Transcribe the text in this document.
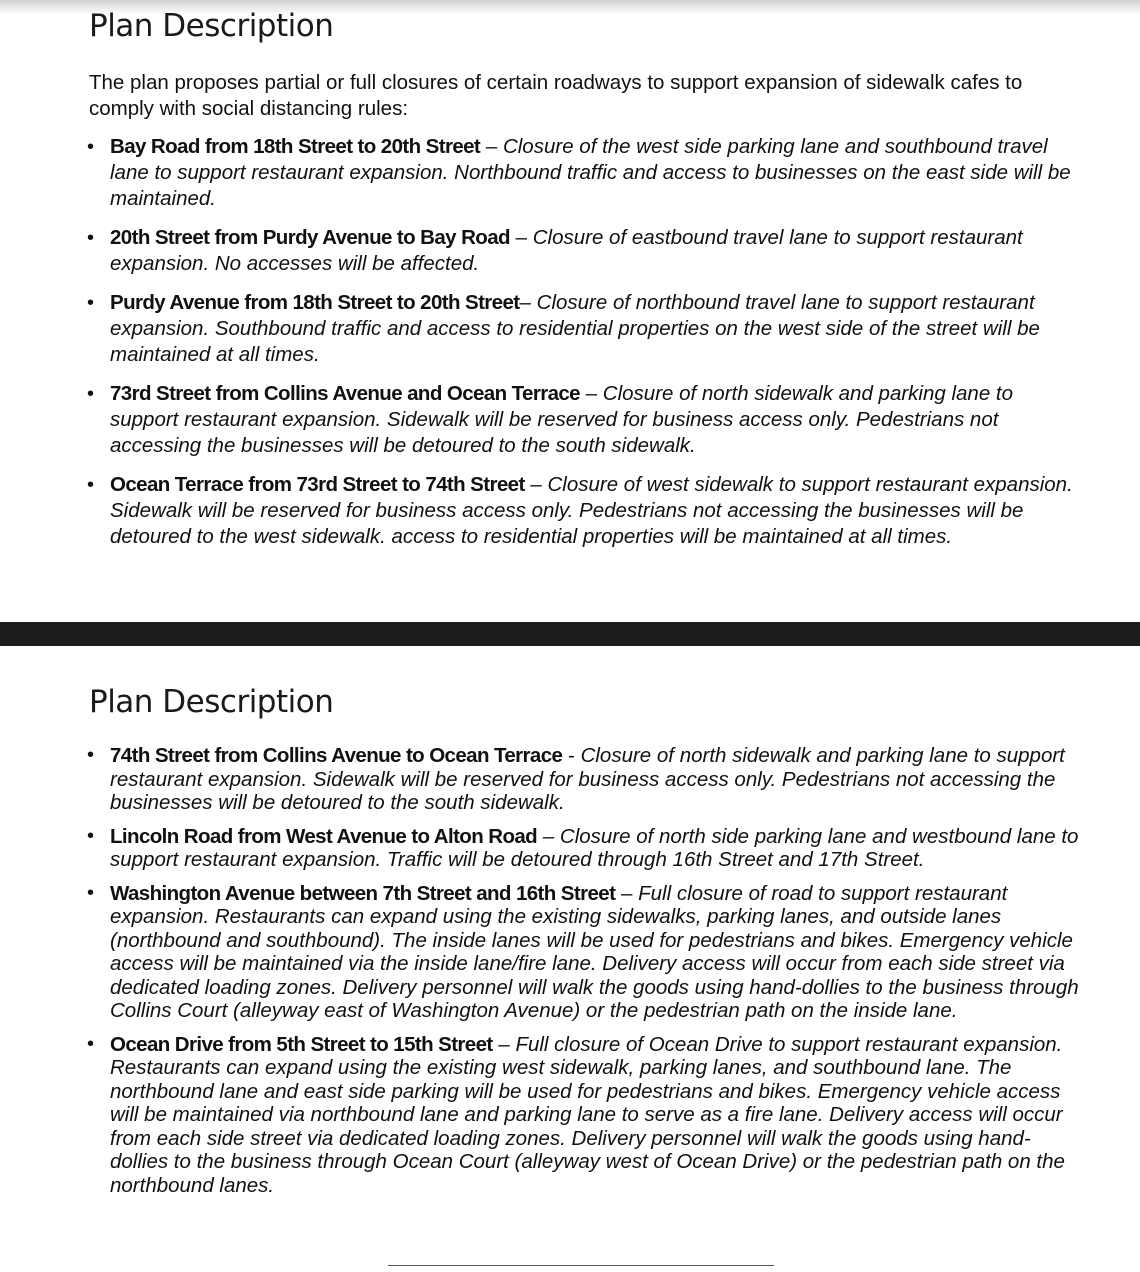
Plan Description

The plan proposes partial or full closures of certain roadways to support expansion of sidewalk cafes to comply with social distancing rules:

• Bay Road from 18th Street to 20th Street – Closure of the west side parking lane and southbound travel lane to support restaurant expansion. Northbound traffic and access to businesses on the east side will be maintained.
• 20th Street from Purdy Avenue to Bay Road – Closure of eastbound travel lane to support restaurant expansion. No accesses will be affected.
• Purdy Avenue from 18th Street to 20th Street– Closure of northbound travel lane to support restaurant expansion. Southbound traffic and access to residential properties on the west side of the street will be maintained at all times.
• 73rd Street from Collins Avenue and Ocean Terrace – Closure of north sidewalk and parking lane to support restaurant expansion. Sidewalk will be reserved for business access only. Pedestrians not accessing the businesses will be detoured to the south sidewalk.
• Ocean Terrace from 73rd Street to 74th Street – Closure of west sidewalk to support restaurant expansion. Sidewalk will be reserved for business access only. Pedestrians not accessing the businesses will be detoured to the west sidewalk. access to residential properties will be maintained at all times.
Plan Description
• 74th Street from Collins Avenue to Ocean Terrace - Closure of north sidewalk and parking lane to support restaurant expansion. Sidewalk will be reserved for business access only. Pedestrians not accessing the businesses will be detoured to the south sidewalk.
• Lincoln Road from West Avenue to Alton Road – Closure of north side parking lane and westbound lane to support restaurant expansion. Traffic will be detoured through 16th Street and 17th Street.
• Washington Avenue between 7th Street and 16th Street – Full closure of road to support restaurant expansion. Restaurants can expand using the existing sidewalks, parking lanes, and outside lanes (northbound and southbound). The inside lanes will be used for pedestrians and bikes. Emergency vehicle access will be maintained via the inside lane/fire lane. Delivery access will occur from each side street via dedicated loading zones. Delivery personnel will walk the goods using hand-dollies to the business through Collins Court (alleyway east of Washington Avenue) or the pedestrian path on the inside lane.
• Ocean Drive from 5th Street to 15th Street – Full closure of Ocean Drive to support restaurant expansion. Restaurants can expand using the existing west sidewalk, parking lanes, and southbound lane. The northbound lane and east side parking will be used for pedestrians and bikes. Emergency vehicle access will be maintained via northbound lane and parking lane to serve as a fire lane. Delivery access will occur from each side street via dedicated loading zones. Delivery personnel will walk the goods using hand-dollies to the business through Ocean Court (alleyway west of Ocean Drive) or the pedestrian path on the northbound lanes.
